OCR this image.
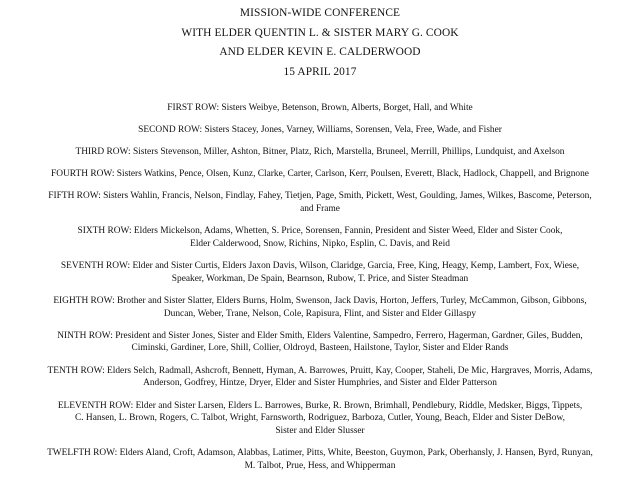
MISSION-WIDE CONFERENCE
WITH ELDER QUENTIN L. & SISTER MARY G. COOK
AND ELDER KEVIN E. CALDERWOOD
15 APRIL 2017
FIRST ROW: Sisters Weibye, Betenson, Brown, Alberts, Borget, Hall, and White
SECOND ROW: Sisters Stacey, Jones, Varney, Williams, Sorensen, Vela, Free, Wade, and Fisher
THIRD ROW: Sisters Stevenson, Miller, Ashton, Bitner, Platz, Rich, Marstella, Bruneel, Merrill, Phillips, Lundquist, and Axelson
FOURTH ROW: Sisters Watkins, Pence, Olsen, Kunz, Clarke, Carter, Carlson, Kerr, Poulsen, Everett, Black, Hadlock, Chappell, and Brignone
FIFTH ROW: Sisters Wahlin, Francis, Nelson, Findlay, Fahey, Tietjen, Page, Smith, Pickett, West, Goulding, James, Wilkes, Bascome, Peterson,
and Frame
SIXTH ROW: Elders Mickelson, Adams, Whetten, S. Price, Sorensen, Fannin, President and Sister Weed, Elder and Sister Cook,
Elder Calderwood, Snow, Richins, Nipko, Esplin, C. Davis, and Reid
SEVENTH ROW: Elder and Sister Curtis, Elders Jaxon Davis, Wilson, Claridge, Garcia, Free, King, Heagy, Kemp, Lambert, Fox, Wiese,
Speaker, Workman, De Spain, Bearnson, Rubow, T. Price, and Sister Steadman
EIGHTH ROW: Brother and Sister Slatter, Elders Burns, Holm, Swenson, Jack Davis, Horton, Jeffers, Turley, McCammon, Gibson, Gibbons,
Duncan, Weber, Trane, Nelson, Cole, Rapisura, Flint, and Sister and Elder Gillaspy
NINTH ROW: President and Sister Jones, Sister and Elder Smith, Elders Valentine, Sampedro, Ferrero, Hagerman, Gardner, Giles, Budden,
Ciminski, Gardiner, Lore, Shill, Collier, Oldroyd, Basteen, Hailstone, Taylor, Sister and Elder Rands
TENTH ROW: Elders Selch, Radmall, Ashcroft, Bennett, Hyman, A. Barrowes, Pruitt, Kay, Cooper, Staheli, De Mic, Hargraves, Morris, Adams,
Anderson, Godfrey, Hintze, Dryer, Elder and Sister Humphries, and Sister and Elder Patterson
ELEVENTH ROW: Elder and Sister Larsen, Elders L. Barrowes, Burke, R. Brown, Brimhall, Pendlebury, Riddle, Medsker, Biggs, Tippets,
C. Hansen, L. Brown, Rogers, C. Talbot, Wright, Farnsworth, Rodriguez, Barboza, Cutler, Young, Beach, Elder and Sister DeBow,
Sister and Elder Slusser
TWELFTH ROW: Elders Aland, Croft, Adamson, Alabbas, Latimer, Pitts, White, Beeston, Guymon, Park, Oberhansly, J. Hansen, Byrd, Runyan,
M. Talbot, Prue, Hess, and Whipperman
